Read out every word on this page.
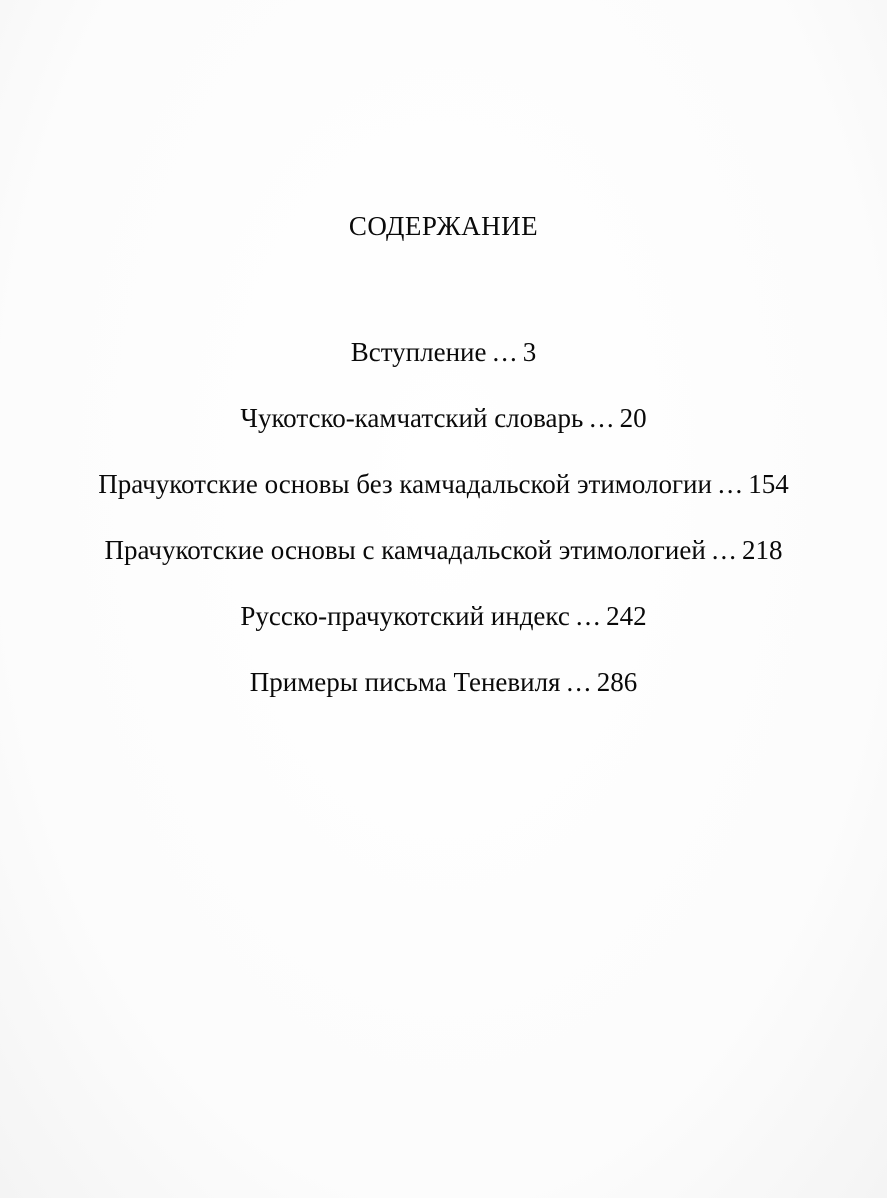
СОДЕРЖАНИЕ
Вступление ... 3
Чукотско-камчатский словарь ... 20
Прачукотские основы без камчадальской этимологии ... 154
Прачукотские основы с камчадальской этимологией ... 218
Русско-прачукотский индекс ... 242
Примеры письма Теневиля ... 286
